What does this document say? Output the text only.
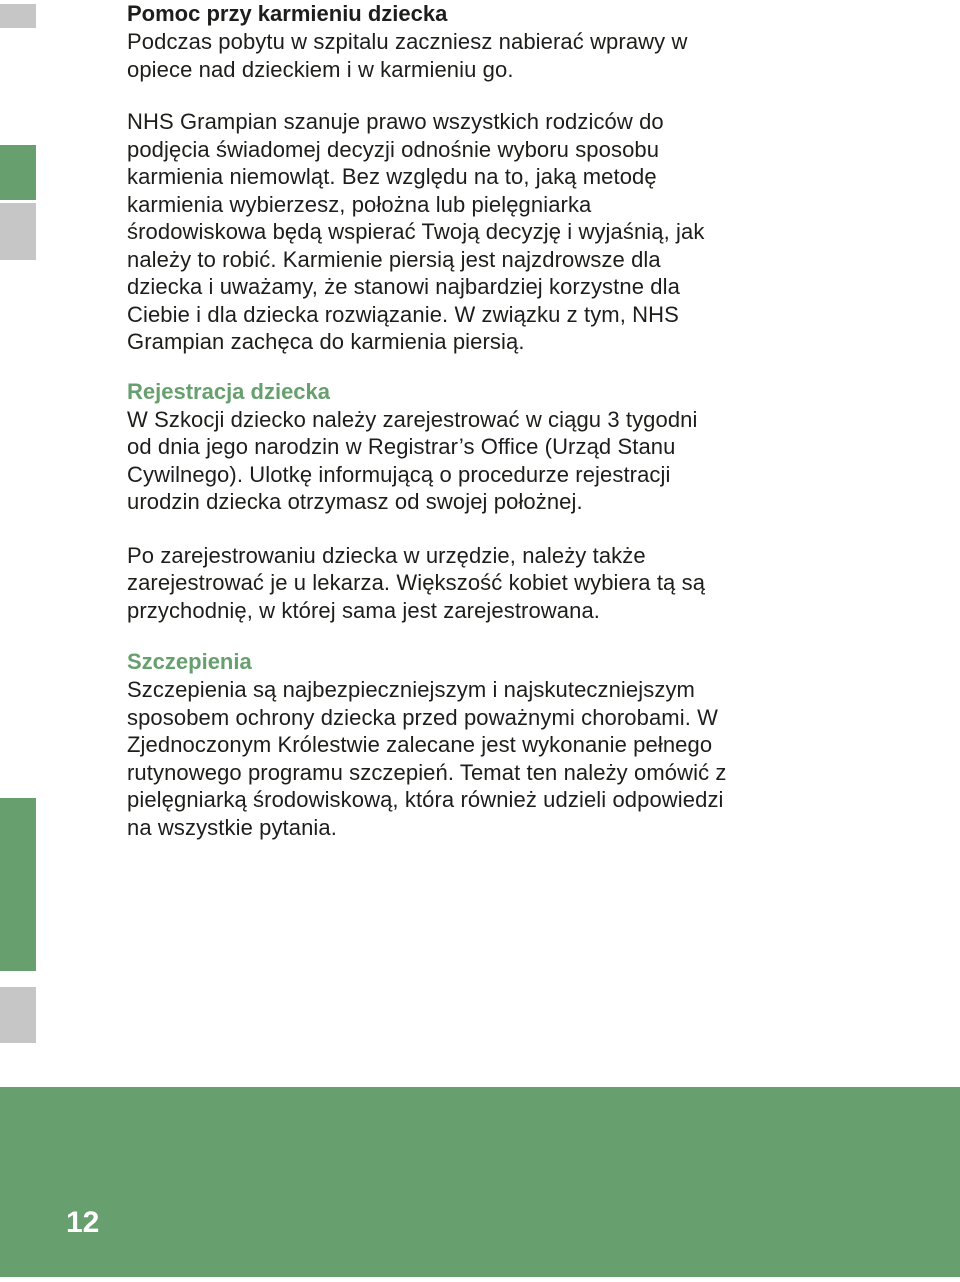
Pomoc przy karmieniu dziecka

Podczas pobytu w szpitalu zaczniesz nabierać wprawy w
opiece nad dzieckiem i w karmieniu go.

NHS Grampian szanuje prawo wszystkich rodziców do
podjęcia świadomej decyzji odnośnie wyboru sposobu
karmienia niemowląt. Bez względu na to, jaką metodę
karmienia wybierzesz, położna lub pielęgniarka
środowiskowa będą wspierać Twoją decyzję i wyjaśnią, jak
należy to robić. Karmienie piersią jest najzdrowsze dla
dziecka i uważamy, że stanowi najbardziej korzystne dla
Ciebie i dla dziecka rozwiązanie. W związku z tym, NHS
Grampian zachęca do karmienia piersią.

Rejestracja dziecka

W Szkocji dziecko należy zarejestrować w ciągu 3 tygodni
od dnia jego narodzin w Registrar’s Office (Urząd Stanu
Cywilnego). Ulotkę informującą o procedurze rejestracji
urodzin dziecka otrzymasz od swojej położnej.

Po zarejestrowaniu dziecka w urzędzie, należy także
zarejestrować je u lekarza. Większość kobiet wybiera tą są
przychodnię, w której sama jest zarejestrowana.

Szczepienia

Szczepienia są najbezpieczniejszym i najskuteczniejszym
sposobem ochrony dziecka przed poważnymi chorobami. W
Zjednoczonym Królestwie zalecane jest wykonanie pełnego
rutynowego programu szczepień. Temat ten należy omówić z
pielęgniarką środowiskową, która również udzieli odpowiedzi
na wszystkie pytania.

12
